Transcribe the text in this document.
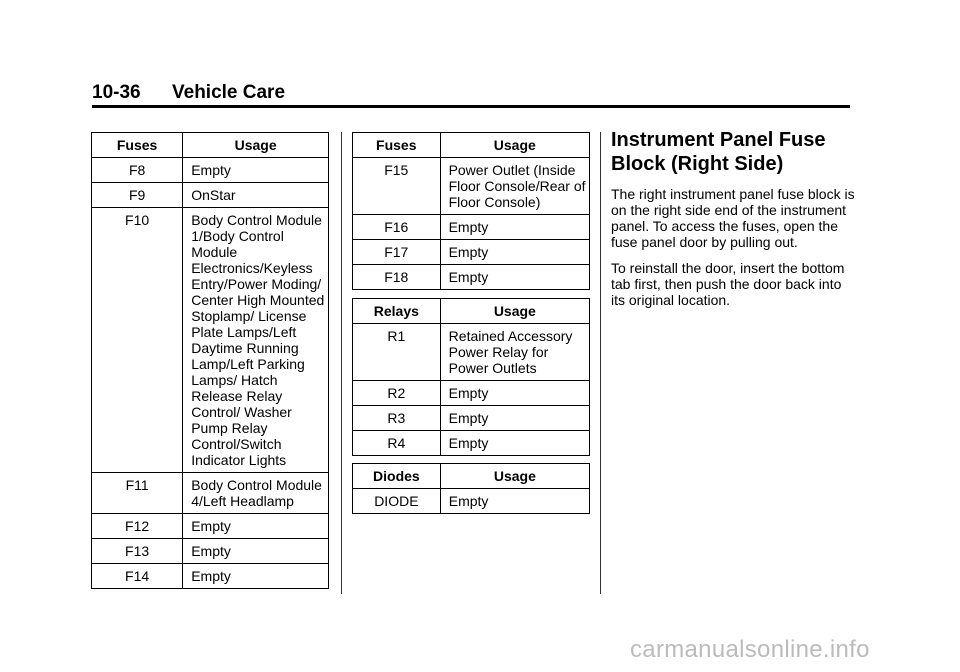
10-36 Vehicle Care
Fuses	Usage
F8	Empty
F9	OnStar
F10	Body Control Module 1/Body Control Module Electronics/Keyless Entry/Power Moding/ Center High Mounted Stoplamp/ License Plate Lamps/Left Daytime Running Lamp/Left Parking Lamps/ Hatch Release Relay Control/ Washer Pump Relay Control/Switch Indicator Lights
F11	Body Control Module 4/Left Headlamp
F12	Empty
F13	Empty
F14	Empty
Fuses	Usage
F15	Power Outlet (Inside Floor Console/Rear of Floor Console)
F16	Empty
F17	Empty
F18	Empty
Relays	Usage
R1	Retained Accessory Power Relay for Power Outlets
R2	Empty
R3	Empty
R4	Empty
Diodes	Usage
DIODE	Empty
Instrument Panel Fuse
Block (Right Side)

The right instrument panel fuse block is on the right side end of the instrument panel. To access the fuses, open the fuse panel door by pulling out.

To reinstall the door, insert the bottom tab first, then push the door back into its original location.

carmanualsonline.info
